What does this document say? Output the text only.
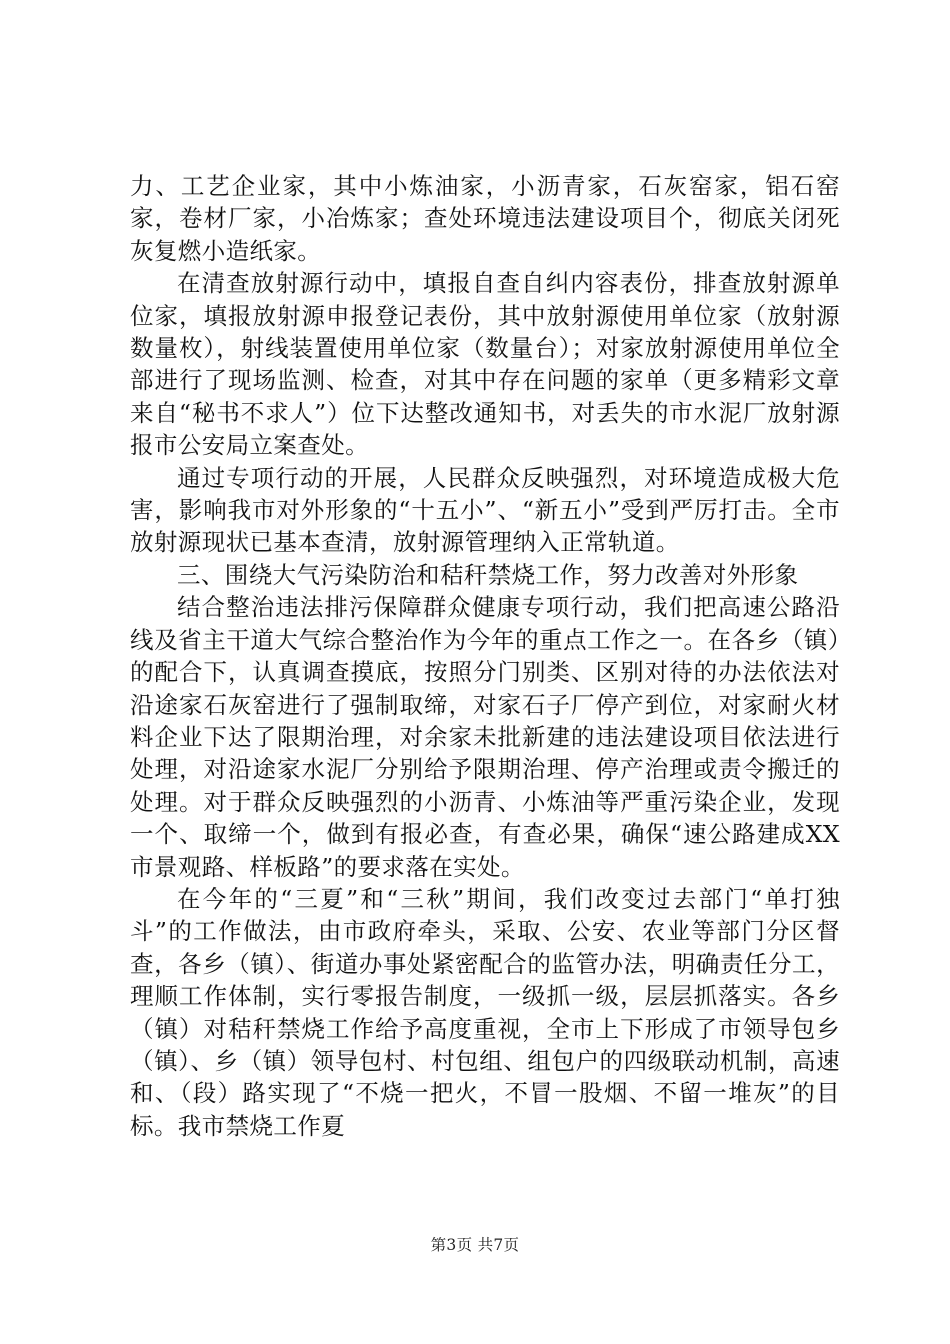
力、工艺企业家，其中小炼油家，小沥青家，石灰窑家，铝石窑家，卷材厂家，小冶炼家；查处环境违法建设项目个，彻底关闭死灰复燃小造纸家。

在清查放射源行动中，填报自查自纠内容表份，排查放射源单位家，填报放射源申报登记表份，其中放射源使用单位家（放射源数量枚），射线装置使用单位家（数量台）；对家放射源使用单位全部进行了现场监测、检查，对其中存在问题的家单（更多精彩文章来自“秘书不求人”）位下达整改通知书，对丢失的市水泥厂放射源报市公安局立案查处。

通过专项行动的开展，人民群众反映强烈，对环境造成极大危害，影响我市对外形象的“十五小”、“新五小”受到严厉打击。全市放射源现状已基本查清，放射源管理纳入正常轨道。

三、围绕大气污染防治和秸秆禁烧工作，努力改善对外形象

结合整治违法排污保障群众健康专项行动，我们把高速公路沿线及省主干道大气综合整治作为今年的重点工作之一。在各乡（镇）的配合下，认真调查摸底，按照分门别类、区别对待的办法依法对沿途家石灰窑进行了强制取缔，对家石子厂停产到位，对家耐火材料企业下达了限期治理，对余家未批新建的违法建设项目依法进行处理，对沿途家水泥厂分别给予限期治理、停产治理或责令搬迁的处理。对于群众反映强烈的小沥青、小炼油等严重污染企业，发现一个、取缔一个，做到有报必查，有查必果，确保“速公路建成XX市景观路、样板路”的要求落在实处。

在今年的“三夏”和“三秋”期间，我们改变过去部门“单打独斗”的工作做法，由市政府牵头，采取、公安、农业等部门分区督查，各乡（镇）、街道办事处紧密配合的监管办法，明确责任分工，理顺工作体制，实行零报告制度，一级抓一级，层层抓落实。各乡（镇）对秸秆禁烧工作给予高度重视，全市上下形成了市领导包乡（镇）、乡（镇）领导包村、村包组、组包户的四级联动机制，高速和、（段）路实现了“不烧一把火，不冒一股烟、不留一堆灰”的目标。我市禁烧工作夏

第3页 共7页
